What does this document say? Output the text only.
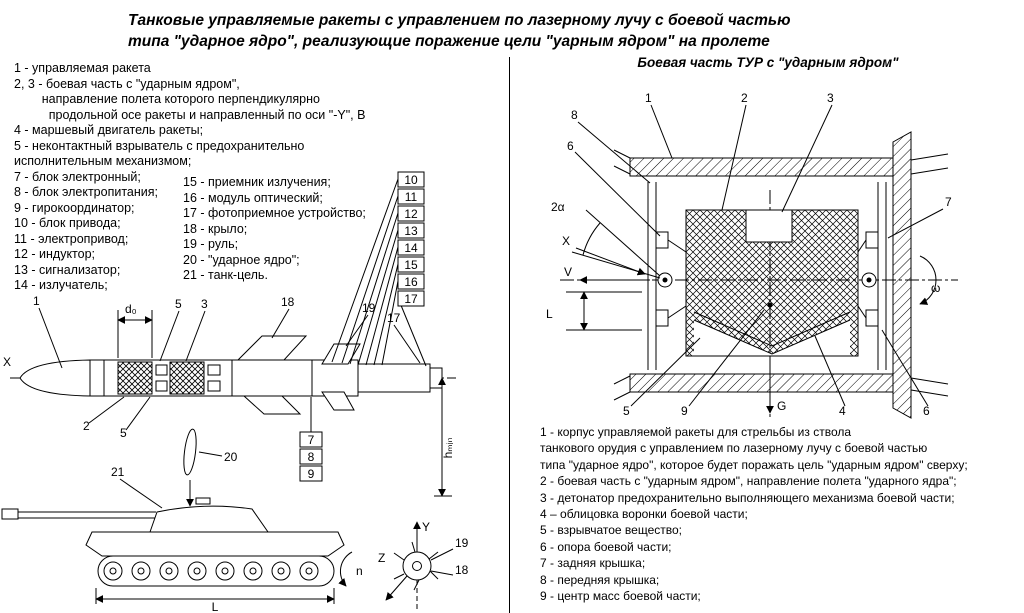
Танковые управляемые ракеты с управлением по лазерному лучу с боевой частью
типа "ударное ядро", реализующие поражение цели "уарным ядром" на пролете
1 - управляемая ракета
2, 3 - боевая часть с "ударным ядром",
направление полета которого перпендикулярно
продольной осе ракеты и направленный по оси "-Y", В
4 - маршевый двигатель ракеты;
5 - неконтактный взрыватель с предохранительно
исполнительным механизмом;
7 - блок электронный;
8 - блок электропитания;
9 - гирокоординатор;
10 - блок привода;
11 - электропривод;
12 - индуктор;
13 - сигнализатор;
14 - излучатель;
15 - приемник излучения;
16 - модуль оптический;
17 - фотоприемное устройство;
18 - крыло;
19 - руль;
20 - "ударное ядро";
21 - танк-цель.
Боевая часть ТУР с "ударным ядром"
1 - корпус управляемой ракеты для стрельбы из ствола
танкового орудия с управлением по лазерному лучу с боевой частью
типа "ударное ядро", которое будет поражать цель "ударным ядром" сверху;
2 - боевая часть с "ударным ядром", направление полета "ударного ядра";
3 - детонатор предохранительно выполняющего механизма боевой части;
4 – облицовка воронки боевой части;
5 - взрывчатое вещество;
6 - опора боевой части;
7 - задняя крышка;
8 - передняя крышка;
9 - центр масс боевой части;
X
d₀
1	5 3	18	19
17
2	5	7
8
9
10
11
12
13
14
15
16
17
hₘᵢₙ
20
21
L
Y
Z
n
19
18
G
V
X
2α
L
ω
8
6
1	2	3
7
5	9	4	6
